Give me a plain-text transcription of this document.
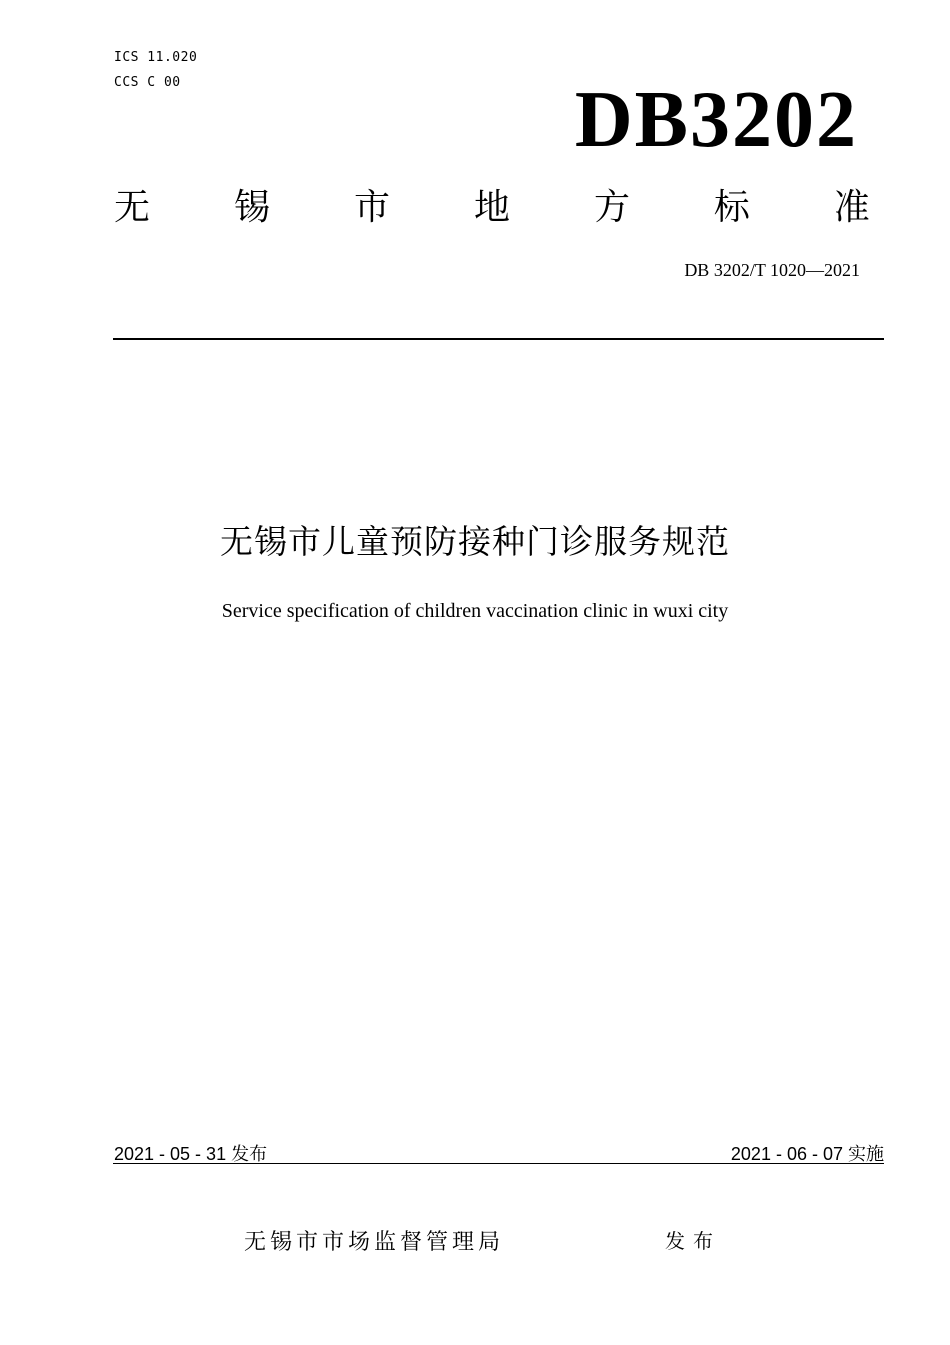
ICS 11.020
CCS C 00	DB3202
无 锡 市 地 方 标 准
DB 3202/T 1020—2021
无锡市儿童预防接种门诊服务规范
Service specification of children vaccination clinic in wuxi city
2021 - 05 - 31 发布	2021 - 06 - 07 实施
无锡市市场监督管理局	发布
